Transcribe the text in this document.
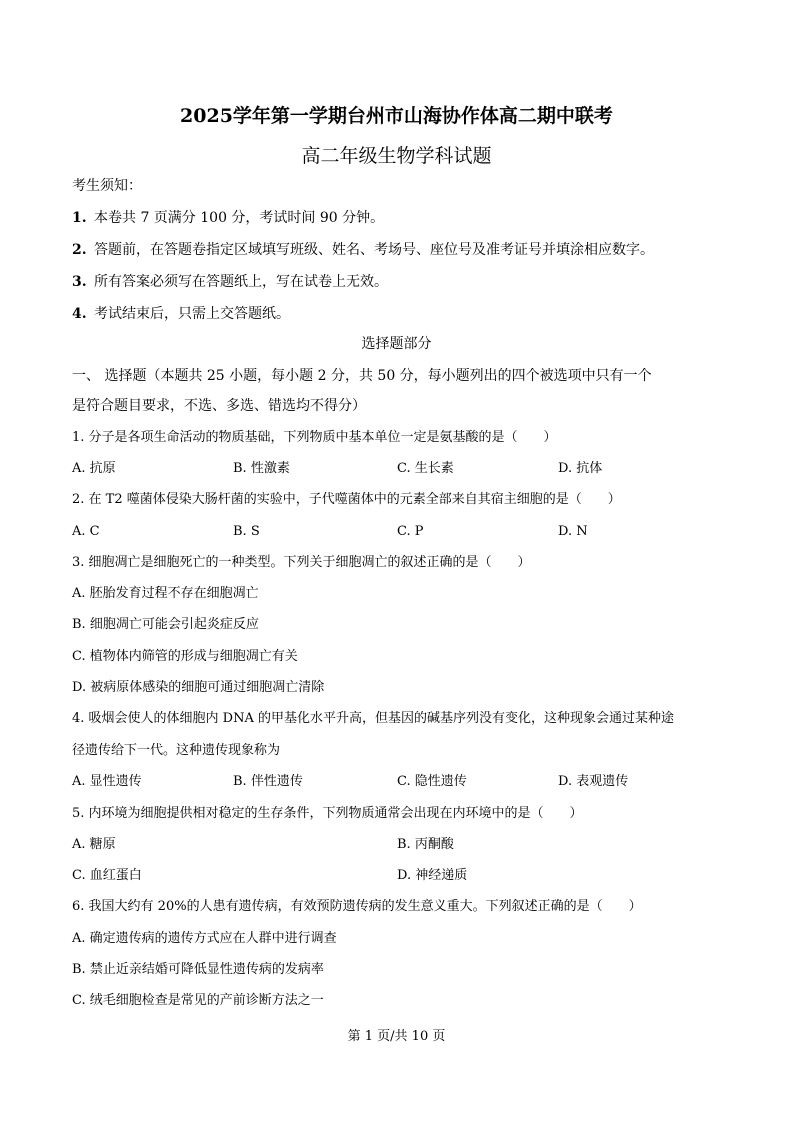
2025学年第一学期台州市山海协作体高二期中联考
高二年级生物学科试题
考生须知：
1. 本卷共 7 页满分 100 分，考试时间 90 分钟。
2. 答题前，在答题卷指定区域填写班级、姓名、考场号、座位号及准考证号并填涂相应数字。
3. 所有答案必须写在答题纸上，写在试卷上无效。
4. 考试结束后，只需上交答题纸。
选择题部分
一、 选择题（本题共 25 小题，每小题 2 分，共 50 分，每小题列出的四个被选项中只有一个
是符合题目要求，不选、多选、错选均不得分）
1. 分子是各项生命活动的物质基础，下列物质中基本单位一定是氨基酸的是（　　）
A. 抗原	B. 性激素	C. 生长素	D. 抗体
2. 在 T2 噬菌体侵染大肠杆菌的实验中，子代噬菌体中的元素全部来自其宿主细胞的是（　　）
A. C	B. S	C. P	D. N
3. 细胞凋亡是细胞死亡的一种类型。下列关于细胞凋亡的叙述正确的是（　　）
A. 胚胎发育过程不存在细胞凋亡
B. 细胞凋亡可能会引起炎症反应
C. 植物体内筛管的形成与细胞凋亡有关
D. 被病原体感染的细胞可通过细胞凋亡清除
4. 吸烟会使人的体细胞内 DNA 的甲基化水平升高，但基因的碱基序列没有变化，这种现象会通过某种途
径遗传给下一代。这种遗传现象称为
A. 显性遗传	B. 伴性遗传	C. 隐性遗传	D. 表观遗传
5. 内环境为细胞提供相对稳定的生存条件，下列物质通常会出现在内环境中的是（　　）
A. 糖原	B. 丙酮酸
C. 血红蛋白	D. 神经递质
6. 我国大约有 20%的人患有遗传病，有效预防遗传病的发生意义重大。下列叙述正确的是（　　）
A. 确定遗传病的遗传方式应在人群中进行调查
B. 禁止近亲结婚可降低显性遗传病的发病率
C. 绒毛细胞检查是常见的产前诊断方法之一
第 1 页/共 10 页
